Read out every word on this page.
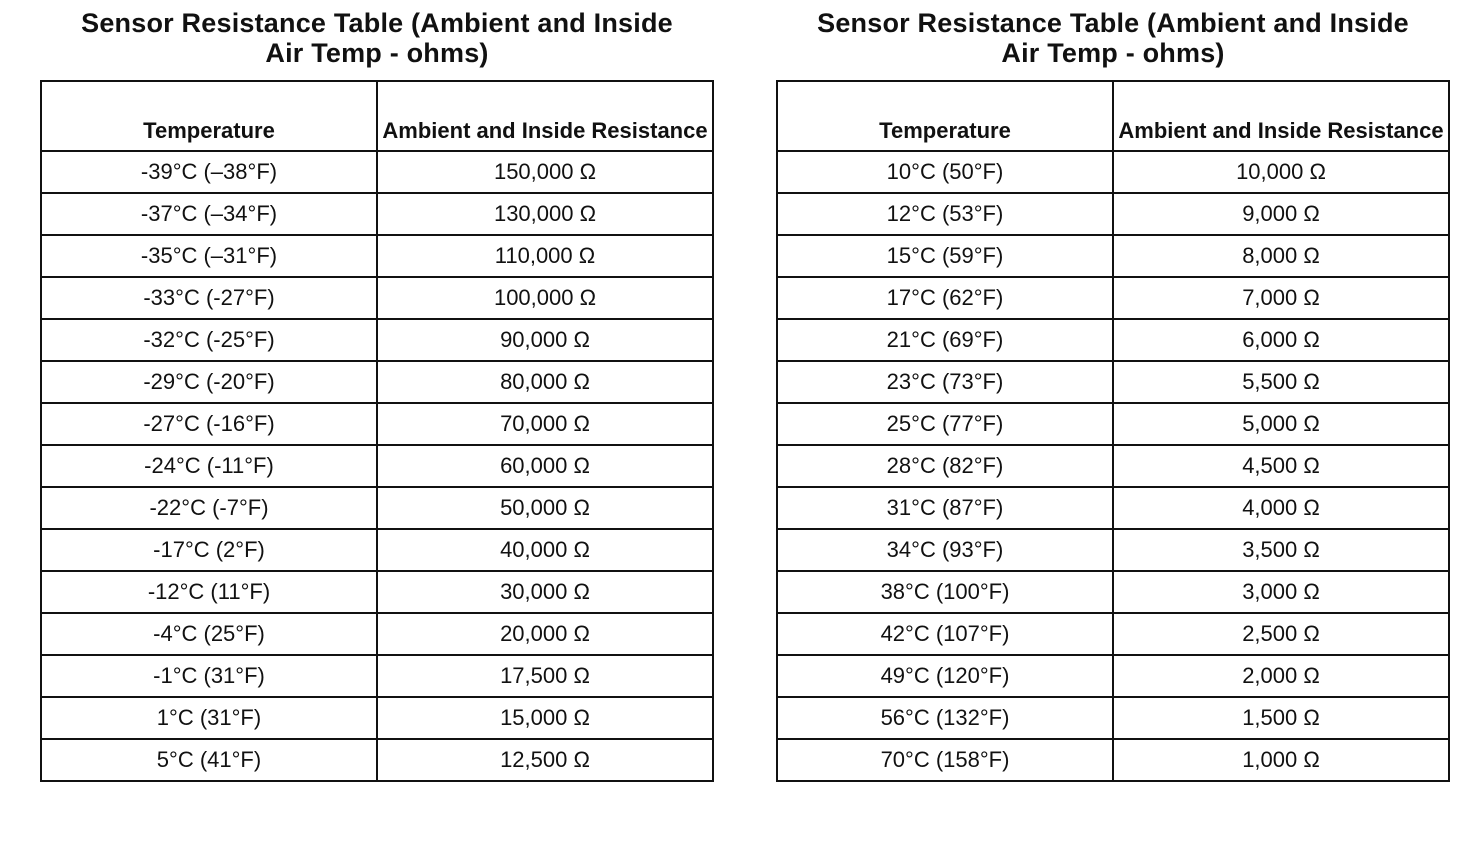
Sensor Resistance Table (Ambient and Inside Air Temp - ohms)
Temperature	Ambient and Inside Resistance
-39°C (–38°F)	150,000 Ω
-37°C (–34°F)	130,000 Ω
-35°C (–31°F)	110,000 Ω
-33°C (-27°F)	100,000 Ω
-32°C (-25°F)	90,000 Ω
-29°C (-20°F)	80,000 Ω
-27°C (-16°F)	70,000 Ω
-24°C (-11°F)	60,000 Ω
-22°C (-7°F)	50,000 Ω
-17°C (2°F)	40,000 Ω
-12°C (11°F)	30,000 Ω
-4°C (25°F)	20,000 Ω
-1°C (31°F)	17,500 Ω
1°C (31°F)	15,000 Ω
5°C (41°F)	12,500 Ω
Sensor Resistance Table (Ambient and Inside Air Temp - ohms)
Temperature	Ambient and Inside Resistance
10°C (50°F)	10,000 Ω
12°C (53°F)	9,000 Ω
15°C (59°F)	8,000 Ω
17°C (62°F)	7,000 Ω
21°C (69°F)	6,000 Ω
23°C (73°F)	5,500 Ω
25°C (77°F)	5,000 Ω
28°C (82°F)	4,500 Ω
31°C (87°F)	4,000 Ω
34°C (93°F)	3,500 Ω
38°C (100°F)	3,000 Ω
42°C (107°F)	2,500 Ω
49°C (120°F)	2,000 Ω
56°C (132°F)	1,500 Ω
70°C (158°F)	1,000 Ω
